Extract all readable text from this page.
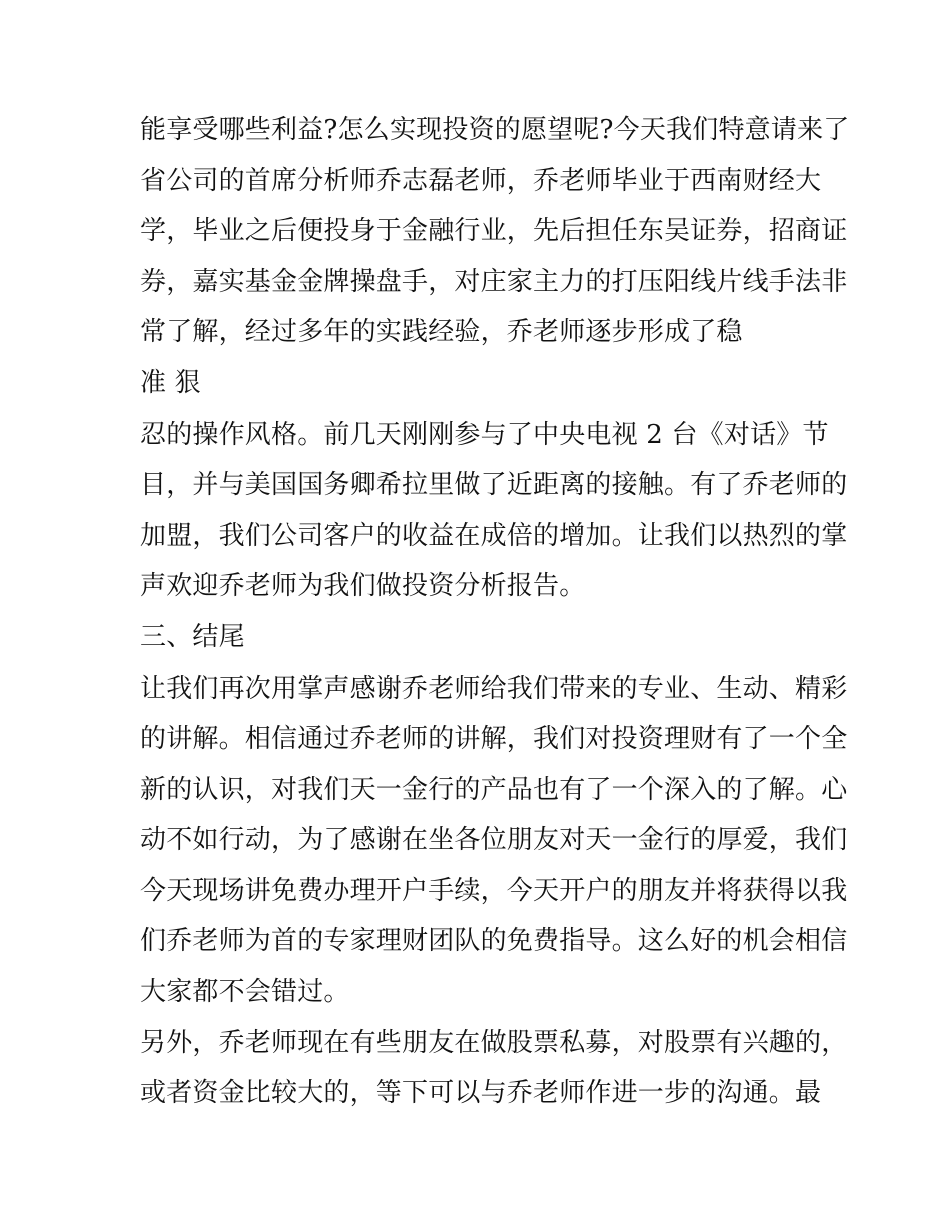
能享受哪些利益?怎么实现投资的愿望呢?今天我们特意请来了
省公司的首席分析师乔志磊老师，乔老师毕业于西南财经大
学，毕业之后便投身于金融行业，先后担任东吴证券，招商证
券，嘉实基金金牌操盘手，对庄家主力的打压阳线片线手法非
常了解，经过多年的实践经验，乔老师逐步形成了稳
准 狠
忍的操作风格。前几天刚刚参与了中央电视 2 台《对话》节
目，并与美国国务卿希拉里做了近距离的接触。有了乔老师的
加盟，我们公司客户的收益在成倍的增加。让我们以热烈的掌
声欢迎乔老师为我们做投资分析报告。
三、结尾
让我们再次用掌声感谢乔老师给我们带来的专业、生动、精彩
的讲解。相信通过乔老师的讲解，我们对投资理财有了一个全
新的认识，对我们天一金行的产品也有了一个深入的了解。心
动不如行动，为了感谢在坐各位朋友对天一金行的厚爱，我们
今天现场讲免费办理开户手续，今天开户的朋友并将获得以我
们乔老师为首的专家理财团队的免费指导。这么好的机会相信
大家都不会错过。
另外，乔老师现在有些朋友在做股票私募，对股票有兴趣的，
或者资金比较大的，等下可以与乔老师作进一步的沟通。最
